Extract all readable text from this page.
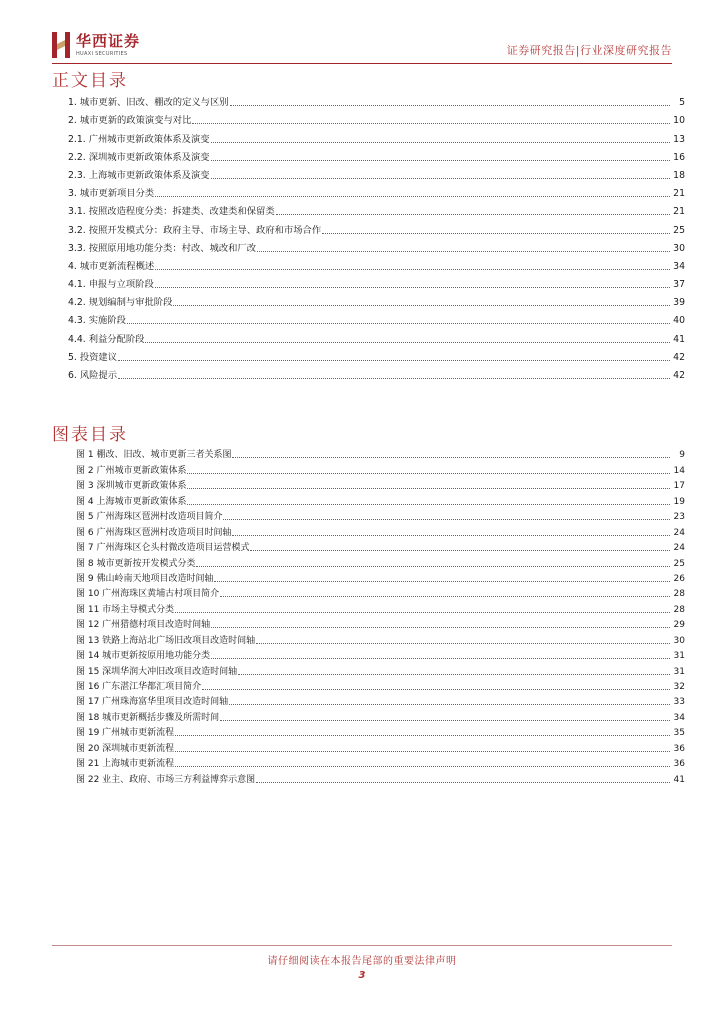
华西证券
HUAXI SECURITIES	证券研究报告|行业深度研究报告
正文目录
1. 城市更新、旧改、棚改的定义与区别	5
2. 城市更新的政策演变与对比	10
2.1. 广州城市更新政策体系及演变	13
2.2. 深圳城市更新政策体系及演变	16
2.3. 上海城市更新政策体系及演变	18
3. 城市更新项目分类	21
3.1. 按照改造程度分类：拆建类、改建类和保留类	21
3.2. 按照开发模式分：政府主导、市场主导、政府和市场合作	25
3.3. 按照原用地功能分类：村改、城改和厂改	30
4. 城市更新流程概述	34
4.1. 申报与立项阶段	37
4.2. 规划编制与审批阶段	39
4.3. 实施阶段	40
4.4. 利益分配阶段	41
5. 投资建议	42
6. 风险提示	42
图表目录
图 1 棚改、旧改、城市更新三者关系图	9
图 2 广州城市更新政策体系	14
图 3 深圳城市更新政策体系	17
图 4 上海城市更新政策体系	19
图 5 广州海珠区琶洲村改造项目简介	23
图 6 广州海珠区琶洲村改造项目时间轴	24
图 7 广州海珠区仑头村微改造项目运营模式	24
图 8 城市更新按开发模式分类	25
图 9 佛山岭南天地项目改造时间轴	26
图 10 广州海珠区黄埔古村项目简介	28
图 11 市场主导模式分类	28
图 12 广州猎德村项目改造时间轴	29
图 13 铁路上海站北广场旧改项目改造时间轴	30
图 14 城市更新按原用地功能分类	31
图 15 深圳华润大冲旧改项目改造时间轴	31
图 16 广东湛江华都汇项目简介	32
图 17 广州珠海富华里项目改造时间轴	33
图 18 城市更新概括步骤及所需时间	34
图 19 广州城市更新流程	35
图 20 深圳城市更新流程	36
图 21 上海城市更新流程	36
图 22 业主、政府、市场三方利益博弈示意图	41
请仔细阅读在本报告尾部的重要法律声明
3
